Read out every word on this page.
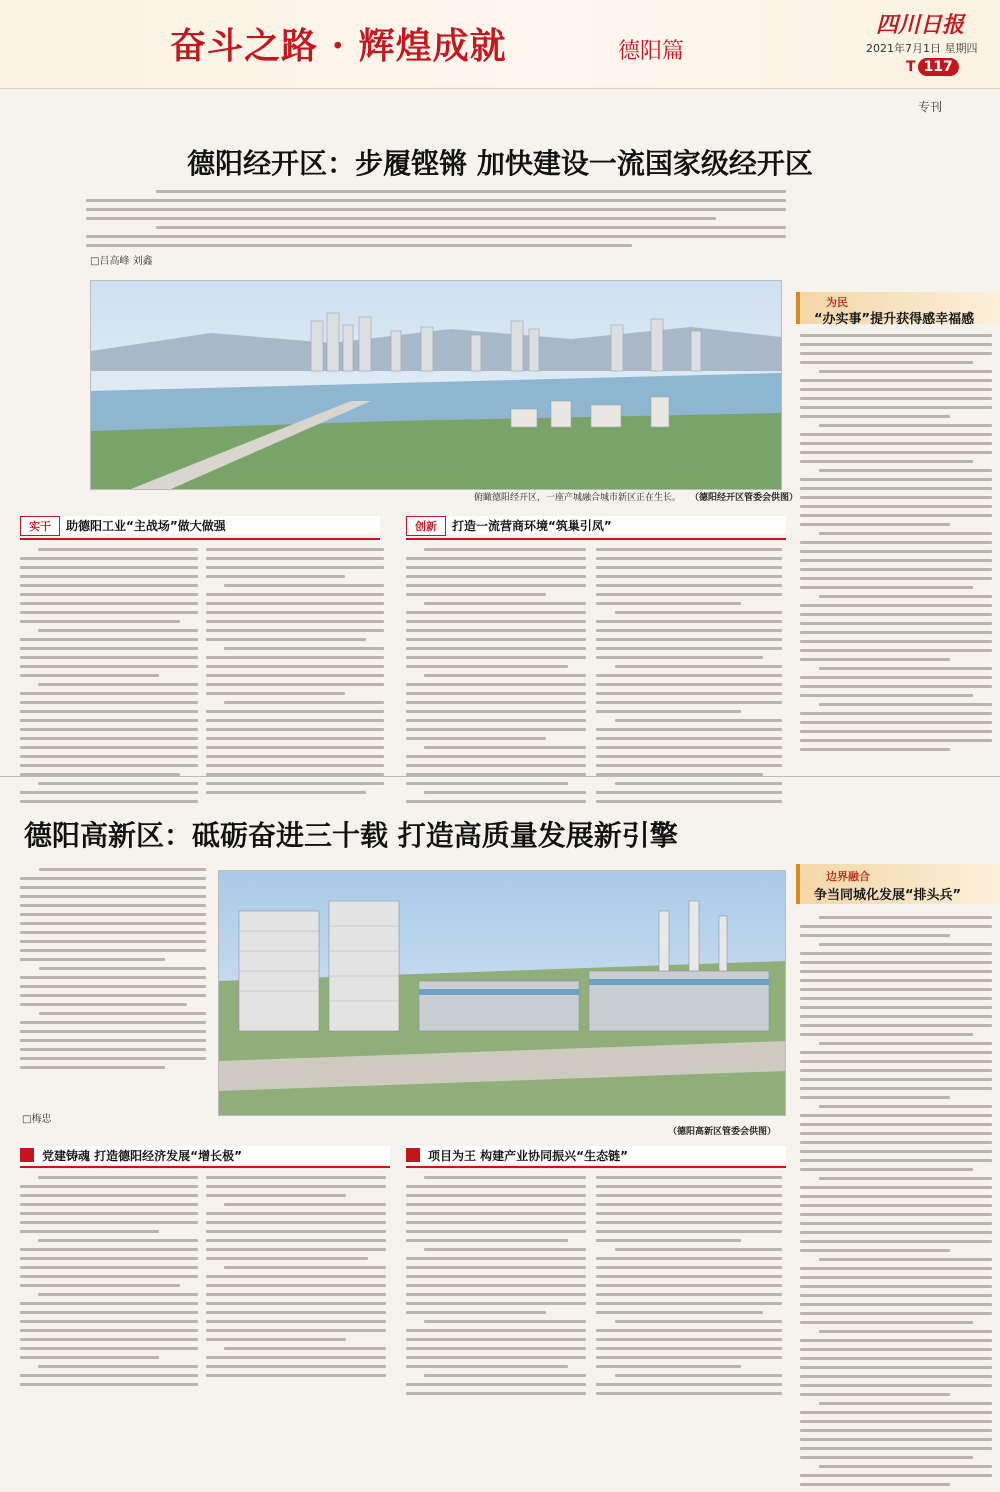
奋斗之路 · 辉煌成就	德阳篇
四川日报
2021年7月1日 星期四
T 117
专刊
德阳经开区：步履铿锵 加快建设一流国家级经开区
□吕高峰 刘鑫
俯瞰德阳经开区，一座产城融合城市新区正在生长。 （德阳经开区管委会供图）
为民
“办实事”提升获得感幸福感
实干 助德阳工业“主战场”做大做强	创新 打造一流营商环境“筑巢引凤”
德阳高新区：砥砺奋进三十载 打造高质量发展新引擎
□梅忠
（德阳高新区管委会供图）
边界融合
争当同城化发展“排头兵”
党建铸魂 打造德阳经济发展“增长极”	项目为王 构建产业协同振兴“生态链”
